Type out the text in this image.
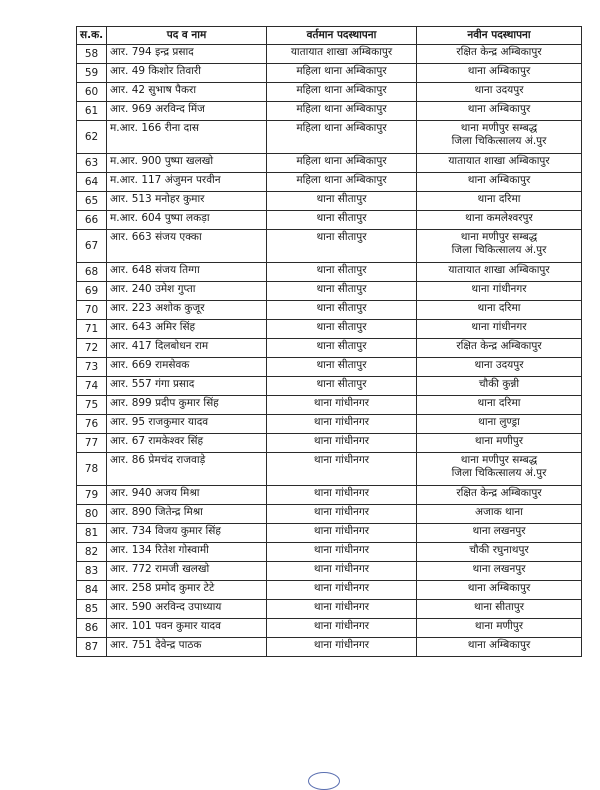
स.क.	पद व नाम	वर्तमान पदस्थापना	नवीन पदस्थापना
58	आर. 794 इन्द्र प्रसाद	यातायात शाखा अम्बिकापुर	रक्षित केन्द्र अम्बिकापुर

59	आर. 49 किशोर तिवारी	महिला थाना अम्बिकापुर	थाना अम्बिकापुर

60	आर. 42 सुभाष पैकरा	महिला थाना अम्बिकापुर	थाना उदयपुर

61	आर. 969 अरविन्द मिंज	महिला थाना अम्बिकापुर	थाना अम्बिकापुर

62	म.आर. 166 रीना दास	महिला थाना अम्बिकापुर	थाना मणीपुर सम्बद्ध
जिला चिकित्सालय अं.पुर

63	म.आर. 900 पुष्पा खलखो	महिला थाना अम्बिकापुर	यातायात शाखा अम्बिकापुर

64	म.आर. 117 अंजुमन परवीन	महिला थाना अम्बिकापुर	थाना अम्बिकापुर

65	आर. 513 मनोहर कुमार	थाना सीतापुर	थाना दरिमा

66	म.आर. 604 पुष्पा लकड़ा	थाना सीतापुर	थाना कमलेश्वरपुर

67	आर. 663 संजय एक्का	थाना सीतापुर	थाना मणीपुर सम्बद्ध
जिला चिकित्सालय अं.पुर

68	आर. 648 संजय तिग्गा	थाना सीतापुर	यातायात शाखा अम्बिकापुर

69	आर. 240 उमेश गुप्ता	थाना सीतापुर	थाना गांधीनगर

70	आर. 223 अशोक कुजूर	थाना सीतापुर	थाना दरिमा

71	आर. 643 अमिर सिंह	थाना सीतापुर	थाना गांधीनगर

72	आर. 417 दिलबोधन राम	थाना सीतापुर	रक्षित केन्द्र अम्बिकापुर

73	आर. 669 रामसेवक	थाना सीतापुर	थाना उदयपुर

74	आर. 557 गंगा प्रसाद	थाना सीतापुर	चौकी कुन्नी

75	आर. 899 प्रदीप कुमार सिंह	थाना गांधीनगर	थाना दरिमा

76	आर. 95 राजकुमार यादव	थाना गांधीनगर	थाना लुण्ड्रा

77	आर. 67 रामकेश्वर सिंह	थाना गांधीनगर	थाना मणीपुर

78	आर. 86 प्रेमचंद राजवाड़े	थाना गांधीनगर	थाना मणीपुर सम्बद्ध
जिला चिकित्सालय अं.पुर

79	आर. 940 अजय मिश्रा	थाना गांधीनगर	रक्षित केन्द्र अम्बिकापुर

80	आर. 890 जितेन्द्र मिश्रा	थाना गांधीनगर	अजाक थाना

81	आर. 734 विजय कुमार सिंह	थाना गांधीनगर	थाना लखनपुर

82	आर. 134 रितेश गोस्वामी	थाना गांधीनगर	चौकी रघुनाथपुर

83	आर. 772 रामजी खलखो	थाना गांधीनगर	थाना लखनपुर

84	आर. 258 प्रमोद कुमार टेटे	थाना गांधीनगर	थाना अम्बिकापुर

85	आर. 590 अरविन्द उपाध्याय	थाना गांधीनगर	थाना सीतापुर

86	आर. 101 पवन कुमार यादव	थाना गांधीनगर	थाना मणीपुर

87	आर. 751 देवेन्द्र पाठक	थाना गांधीनगर	थाना अम्बिकापुर
